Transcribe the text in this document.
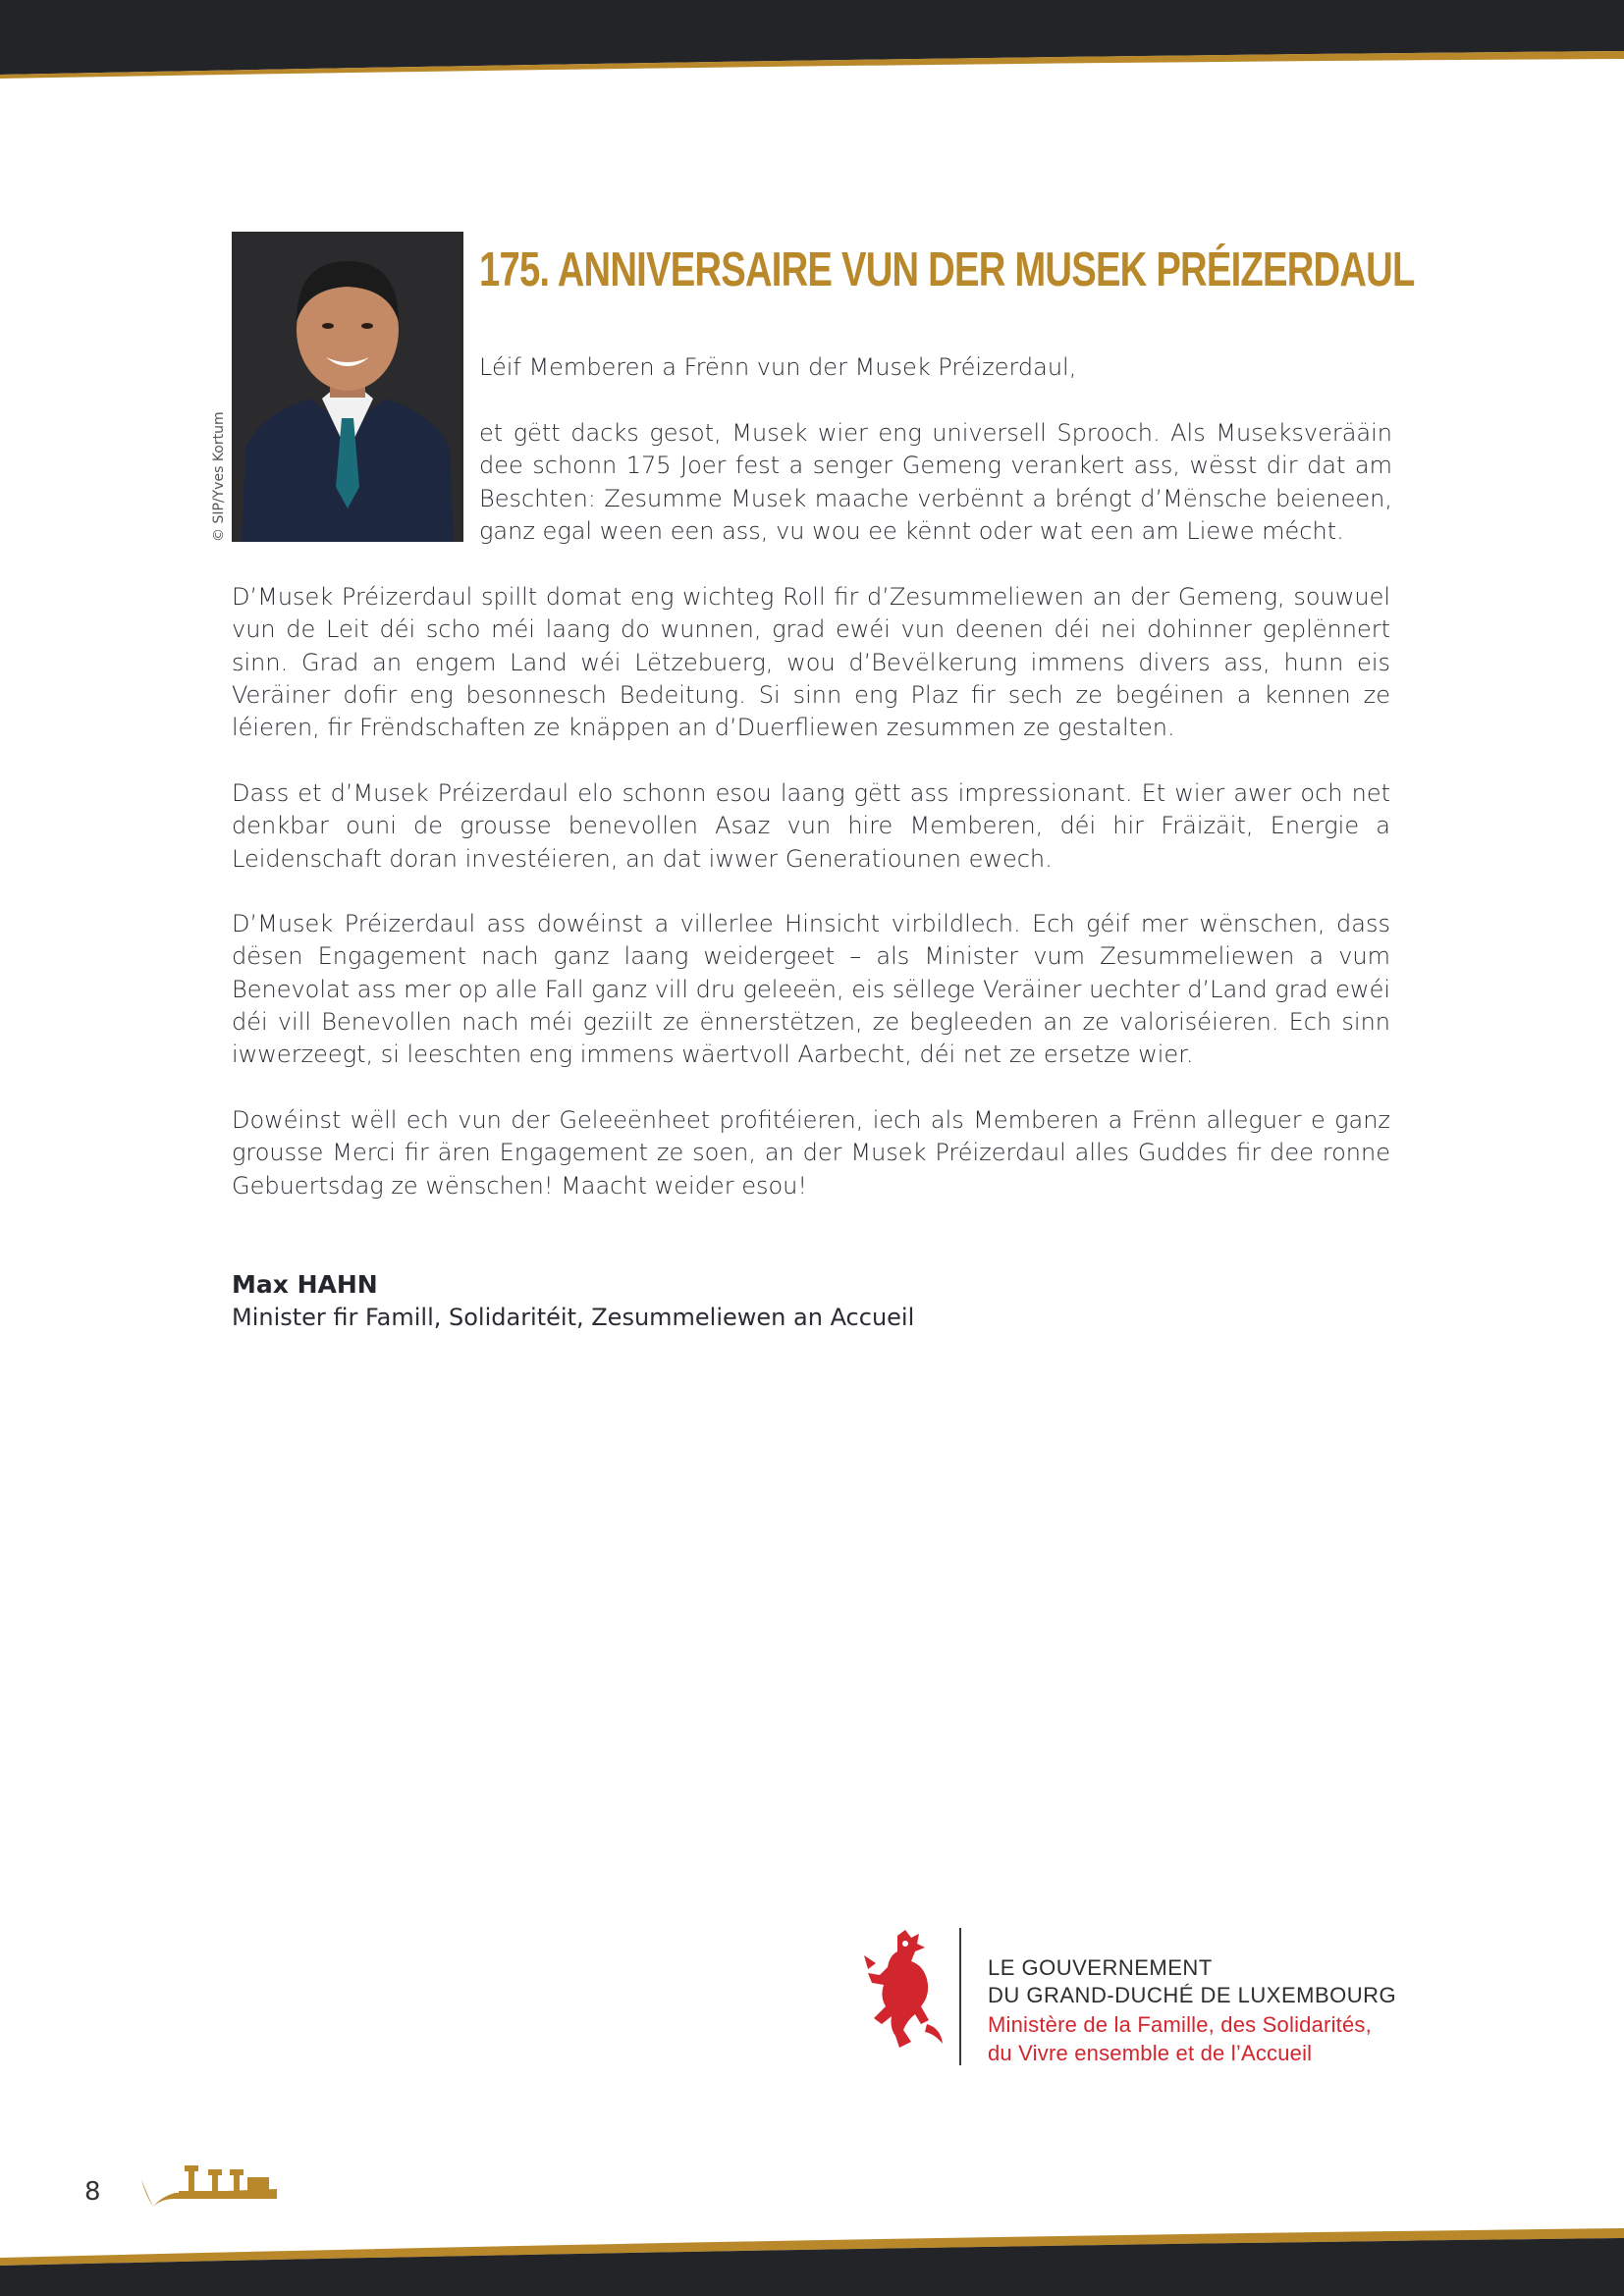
© SIP/Yves Kortum
175. ANNIVERSAIRE VUN DER MUSEK PRÉIZERDAUL

Léif Memberen a Frënn vun der Musek Préizerdaul,

et gëtt dacks gesot, Musek wier eng universell Sprooch. Als Museksverääin dee schonn 175 Joer fest a senger Gemeng verankert ass, wësst dir dat am Beschten: Zesumme Musek maache verbënnt a bréngt d’Mënsche beieneen, ganz egal ween een ass, vu wou ee kënnt oder wat een am Liewe mécht.

D’Musek Préizerdaul spillt domat eng wichteg Roll fir d’Zesummeliewen an der Gemeng, souwuel vun de Leit déi scho méi laang do wunnen, grad ewéi vun deenen déi nei dohinner geplënnert sinn. Grad an engem Land wéi Lëtzebuerg, wou d’Bevëlkerung immens divers ass, hunn eis Veräiner dofir eng besonnesch Bedeitung. Si sinn eng Plaz fir sech ze begéinen a kennen ze léieren, fir Frëndschaften ze knäppen an d’Duerfliewen zesummen ze gestalten.

Dass et d’Musek Préizerdaul elo schonn esou laang gëtt ass impressionant. Et wier awer och net denkbar ouni de grousse benevollen Asaz vun hire Memberen, déi hir Fräizäit, Energie a Leidenschaft doran investéieren, an dat iwwer Generatiounen ewech.

D’Musek Préizerdaul ass dowéinst a villerlee Hinsicht virbildlech. Ech géif mer wënschen, dass dësen Engagement nach ganz laang weidergeet – als Minister vum Zesummeliewen a vum Benevolat ass mer op alle Fall ganz vill dru geleeën, eis sëllege Veräiner uechter d’Land grad ewéi déi vill Benevollen nach méi geziilt ze ënnerstëtzen, ze begleeden an ze valoriséieren. Ech sinn iwwerzeegt, si leeschten eng immens wäertvoll Aarbecht, déi net ze ersetze wier.

Dowéinst wëll ech vun der Geleeënheet profitéieren, iech als Memberen a Frënn alleguer e ganz grousse Merci fir ären Engagement ze soen, an der Musek Préizerdaul alles Guddes fir dee ronne Gebuertsdag ze wënschen! Maacht weider esou!

Max HAHN
Minister fir Famill, Solidaritéit, Zesummeliewen an Accueil
LE GOUVERNEMENT
DU GRAND-DUCHÉ DE LUXEMBOURG
Ministère de la Famille, des Solidarités,
du Vivre ensemble et de l’Accueil
8
